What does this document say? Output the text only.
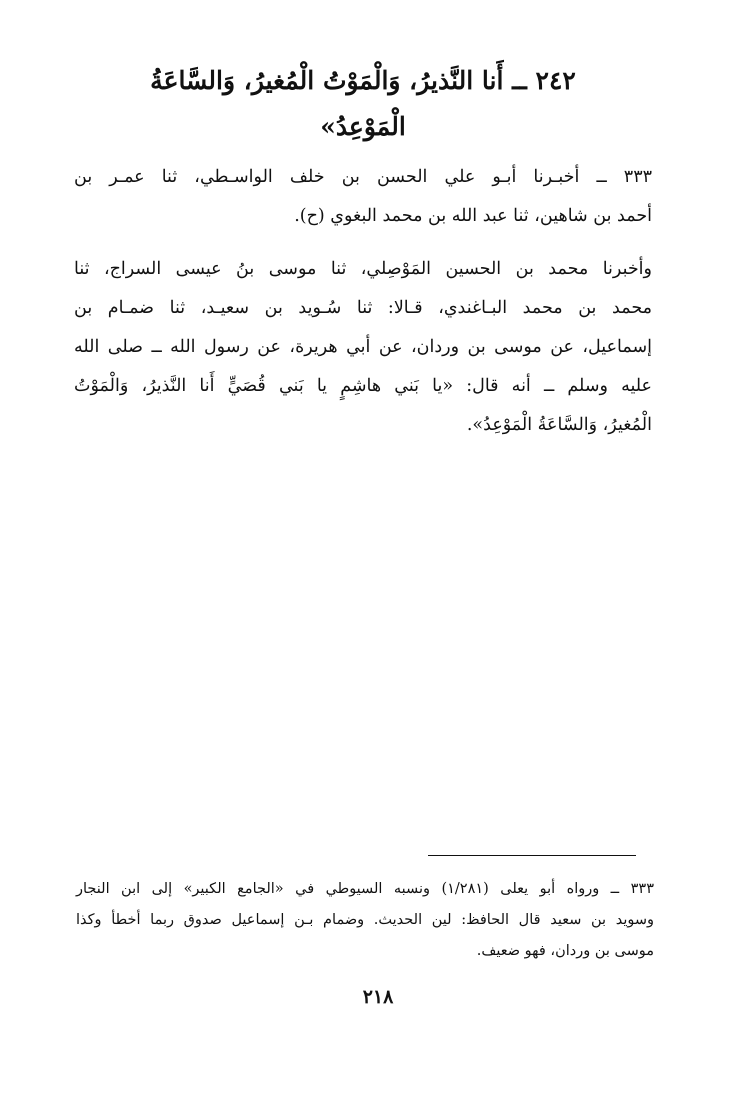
٢٤٢ ــ أَنا النَّذيرُ، وَالْمَوْتُ الْمُغيرُ، وَالسَّاعَةُ
الْمَوْعِدُ»
٣٣٣ ــ أخبـرنا أبـو علي الحسن بن خلف الواسـطي، ثنا عمـر بن
أحمد بن شاهين، ثنا عبد الله بن محمد البغوي (ح).
وأخبرنا محمد بن الحسين المَوْصِلي، ثنا موسى بنُ عيسى السراج، ثنا
محمد بن محمد البـاغندي، قـالا: ثنا سُـويد بن سعيـد، ثنا ضمـام بن
إسماعيل، عن موسى بن وردان، عن أبي هريرة، عن رسول الله ــ صلى الله
عليه وسلم ــ أنه قال: «يا بَني هاشِمٍ يا بَني قُصَيٍّ أَنا النَّذيرُ، وَالْمَوْتُ
الْمُغيرُ، وَالسَّاعَةُ الْمَوْعِدُ».
٣٣٣ ــ ورواه أبو يعلى (١/٢٨١) ونسبه السيوطي في «الجامع الكبير» إلى ابن النجار
وسويد بن سعيد قال الحافظ: لين الحديث. وضمام بـن إسماعيل صدوق ربما أخطأ وكذا
موسى بن وردان، فهو ضعيف.
٢١٨
